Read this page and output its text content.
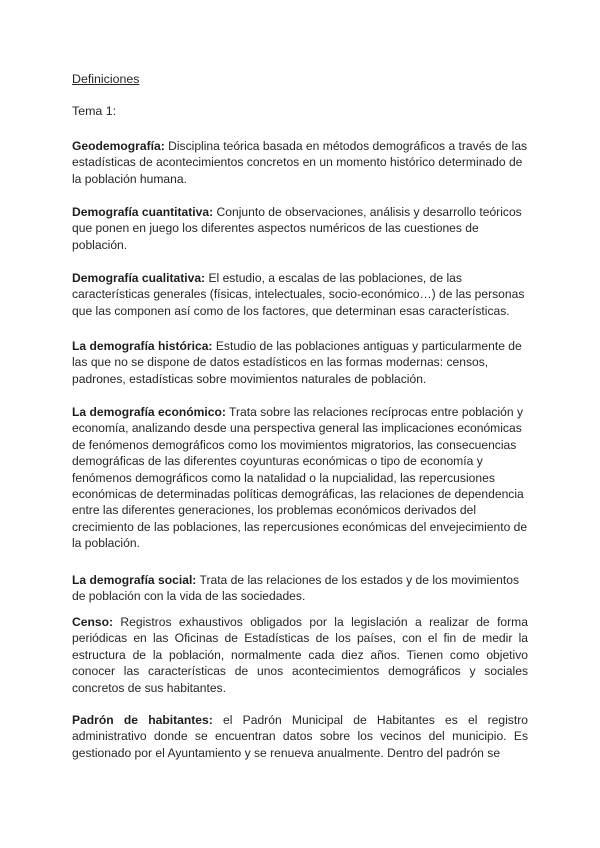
Definiciones
Tema 1:

Geodemografía: Disciplina teórica basada en métodos demográficos a través de las estadísticas de acontecimientos concretos en un momento histórico determinado de la población humana.

Demografía cuantitativa: Conjunto de observaciones, análisis y desarrollo teóricos que ponen en juego los diferentes aspectos numéricos de las cuestiones de población.

Demografía cualitativa: El estudio, a escalas de las poblaciones, de las características generales (físicas, intelectuales, socio-económico…) de las personas que las componen así como de los factores, que determinan esas características.

La demografía histórica: Estudio de las poblaciones antiguas y particularmente de las que no se dispone de datos estadísticos en las formas modernas: censos, padrones, estadísticas sobre movimientos naturales de población.

La demografía económico: Trata sobre las relaciones recíprocas entre población y economía, analizando desde una perspectiva general las implicaciones económicas de fenómenos demográficos como los movimientos migratorios, las consecuencias demográficas de las diferentes coyunturas económicas o tipo de economía y fenómenos demográficos como la natalidad o la nupcialidad, las repercusiones económicas de determinadas políticas demográficas, las relaciones de dependencia entre las diferentes generaciones, los problemas económicos derivados del crecimiento de las poblaciones, las repercusiones económicas del envejecimiento de la población.

La demografía social: Trata de las relaciones de los estados y de los movimientos de población con la vida de las sociedades.

Censo: Registros exhaustivos obligados por la legislación a realizar de forma periódicas en las Oficinas de Estadísticas de los países, con el fin de medir la estructura de la población, normalmente cada diez años. Tienen como objetivo conocer las características de unos acontecimientos demográficos y sociales concretos de sus habitantes.

Padrón de habitantes: el Padrón Municipal de Habitantes es el registro administrativo donde se encuentran datos sobre los vecinos del municipio. Es gestionado por el Ayuntamiento y se renueva anualmente. Dentro del padrón se
